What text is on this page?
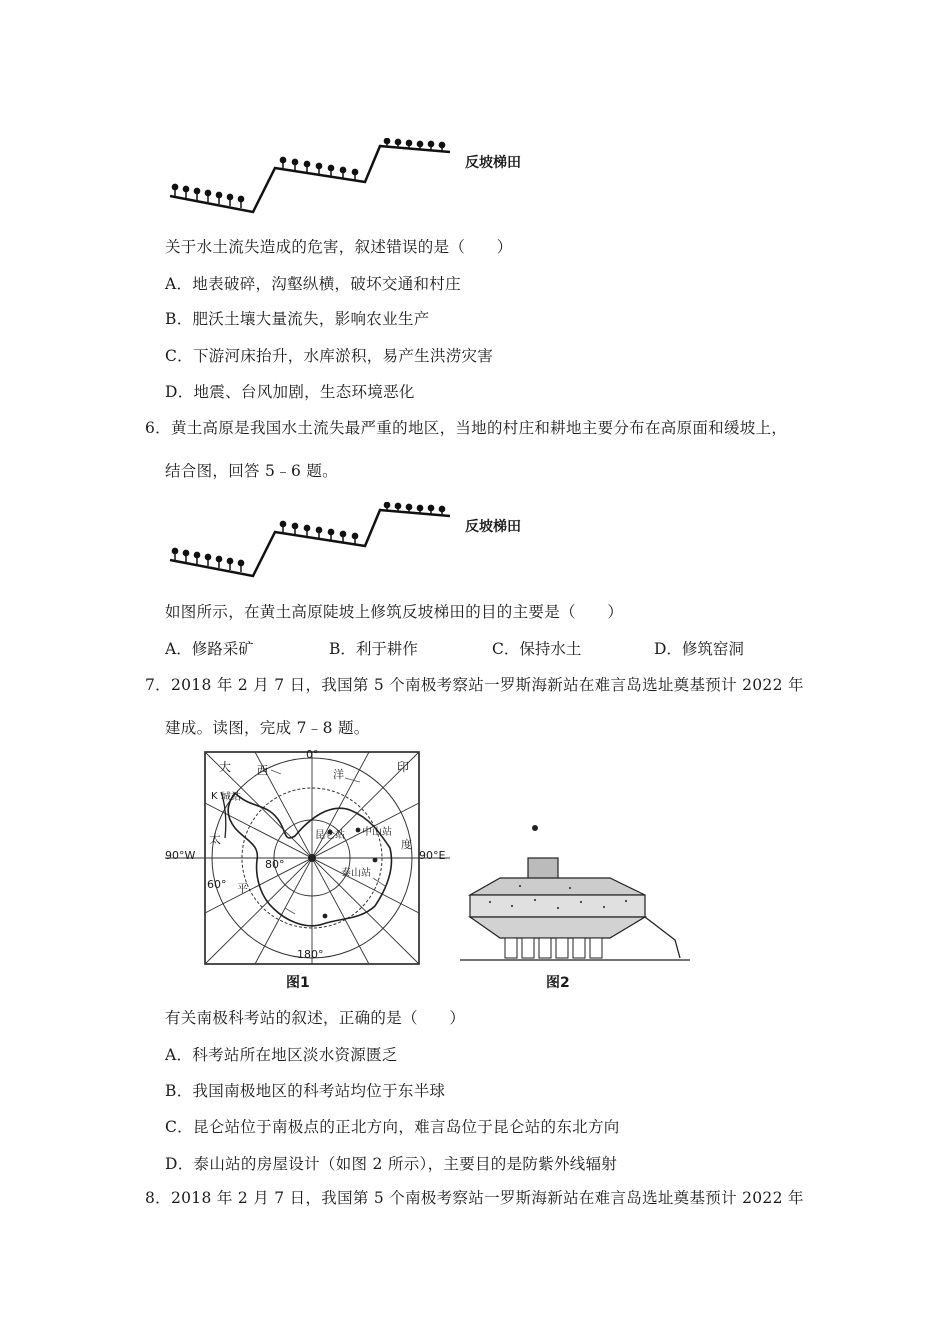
反坡梯田
关于水土流失造成的危害，叙述错误的是（　　）
A．地表破碎，沟壑纵横，破坏交通和村庄
B．肥沃土壤大量流失，影响农业生产
C．下游河床抬升，水库淤积，易产生洪涝灾害
D．地震、台风加剧，生态环境恶化
6．黄土高原是我国水土流失最严重的地区，当地的村庄和耕地主要分布在高原面和缓坡上，
结合图，回答 5﹣6 题。
反坡梯田
如图所示，在黄土高原陡坡上修筑反坡梯田的目的主要是（　　）
A．修路采矿	B．利于耕作	C．保持水土	D．修筑窑洞
7．2018 年 2 月 7 日，我国第 5 个南极考察站一罗斯海新站在难言岛选址奠基预计 2022 年
建成。读图，完成 7﹣8 题。
0°
180°
90°W	90°E
60°
80°
大 西	洋
印
度
太
平
K 城站
昆仑站 中山站
泰山站
图1	图2
有关南极科考站的叙述，正确的是（　　）
A．科考站所在地区淡水资源匮乏
B．我国南极地区的科考站均位于东半球
C．昆仑站位于南极点的正北方向，难言岛位于昆仑站的东北方向
D．泰山站的房屋设计（如图 2 所示），主要目的是防紫外线辐射
8．2018 年 2 月 7 日，我国第 5 个南极考察站一罗斯海新站在难言岛选址奠基预计 2022 年
